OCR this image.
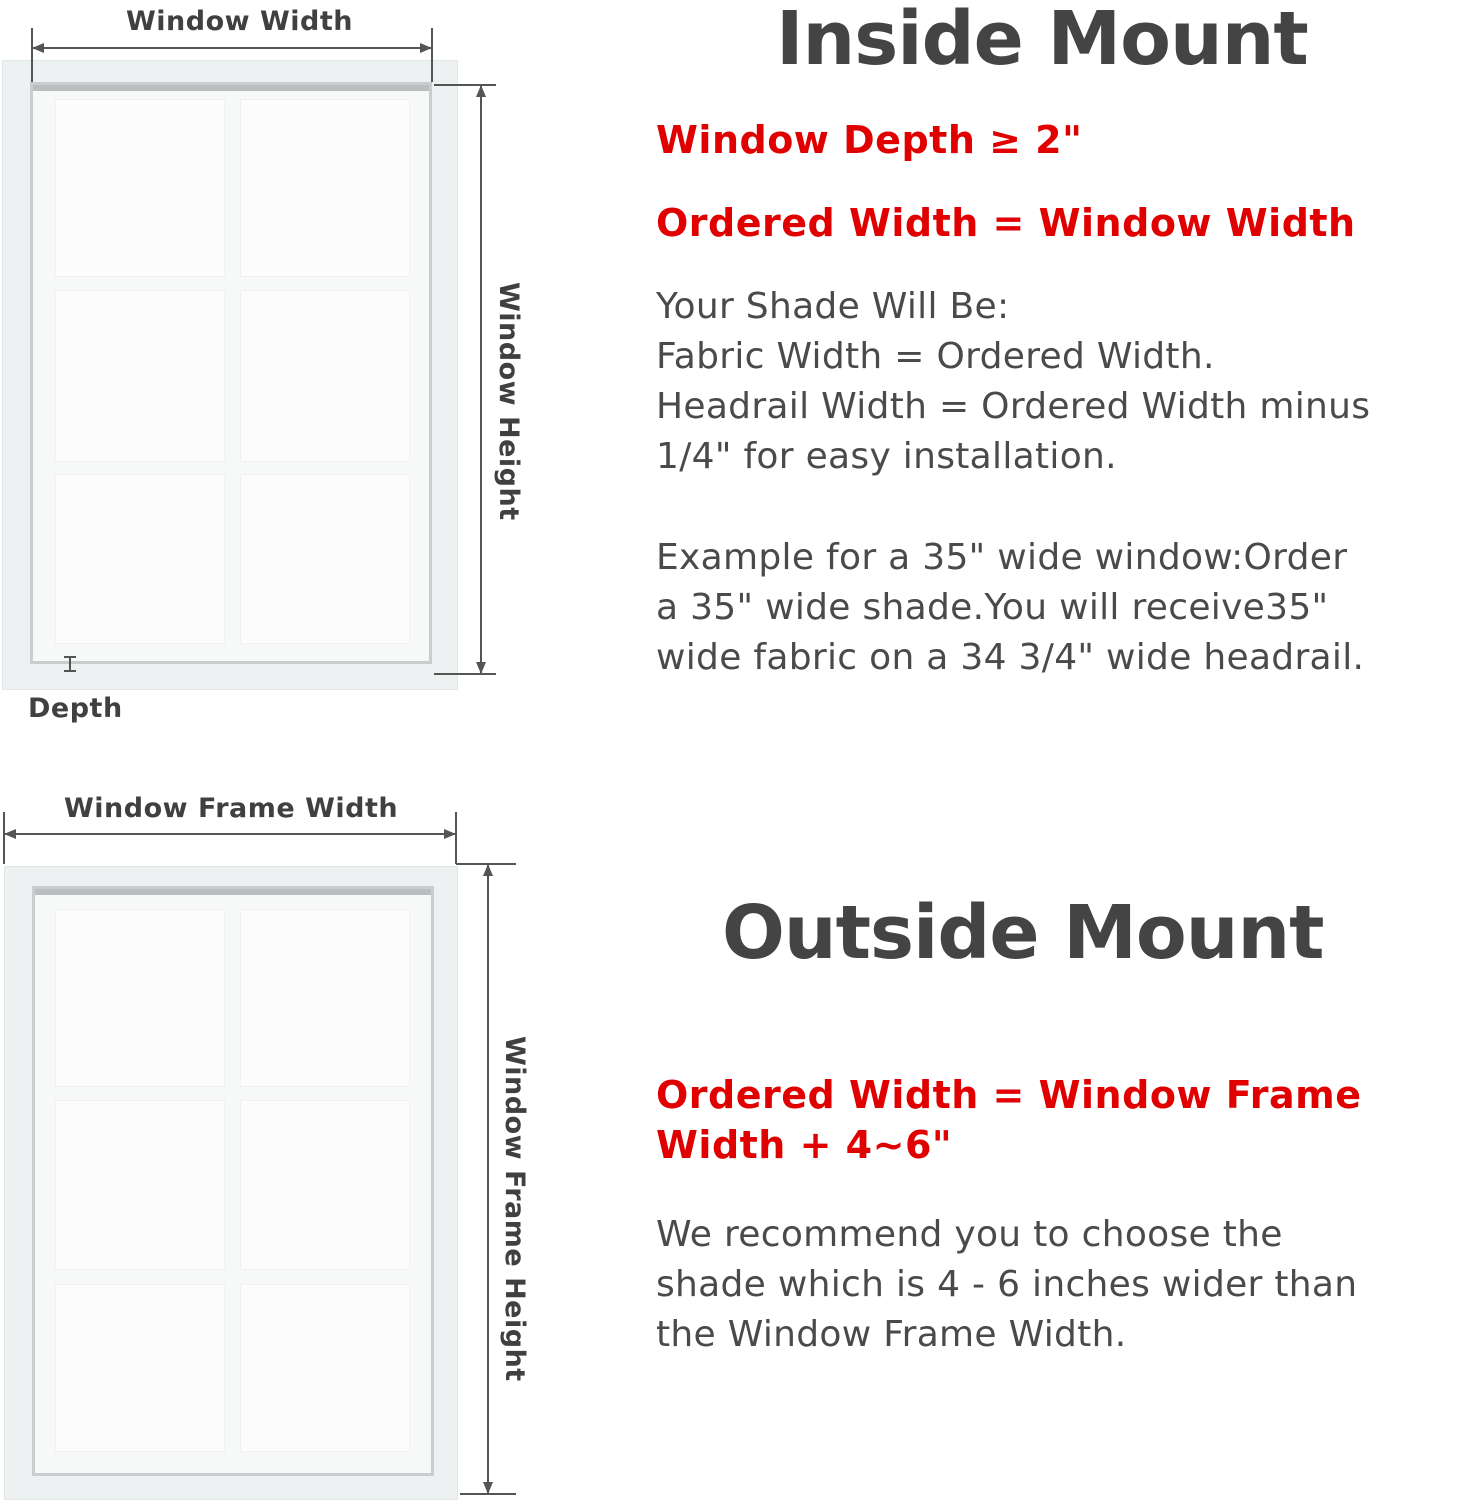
Window Width
Window Height
Depth
Inside Mount
Window Depth ≥ 2"
Ordered Width = Window Width
Your Shade Will Be:
Fabric Width = Ordered Width.
Headrail Width = Ordered Width minus
1/4" for easy installation.
Example for a 35" wide window:Order
a 35" wide shade.You will receive35"
wide fabric on a 34 3/4" wide headrail.
Window Frame Width
Window Frame Height
Outside Mount
Ordered Width = Window Frame
Width + 4~6"
We recommend you to choose the
shade which is 4 - 6 inches wider than
the Window Frame Width.
